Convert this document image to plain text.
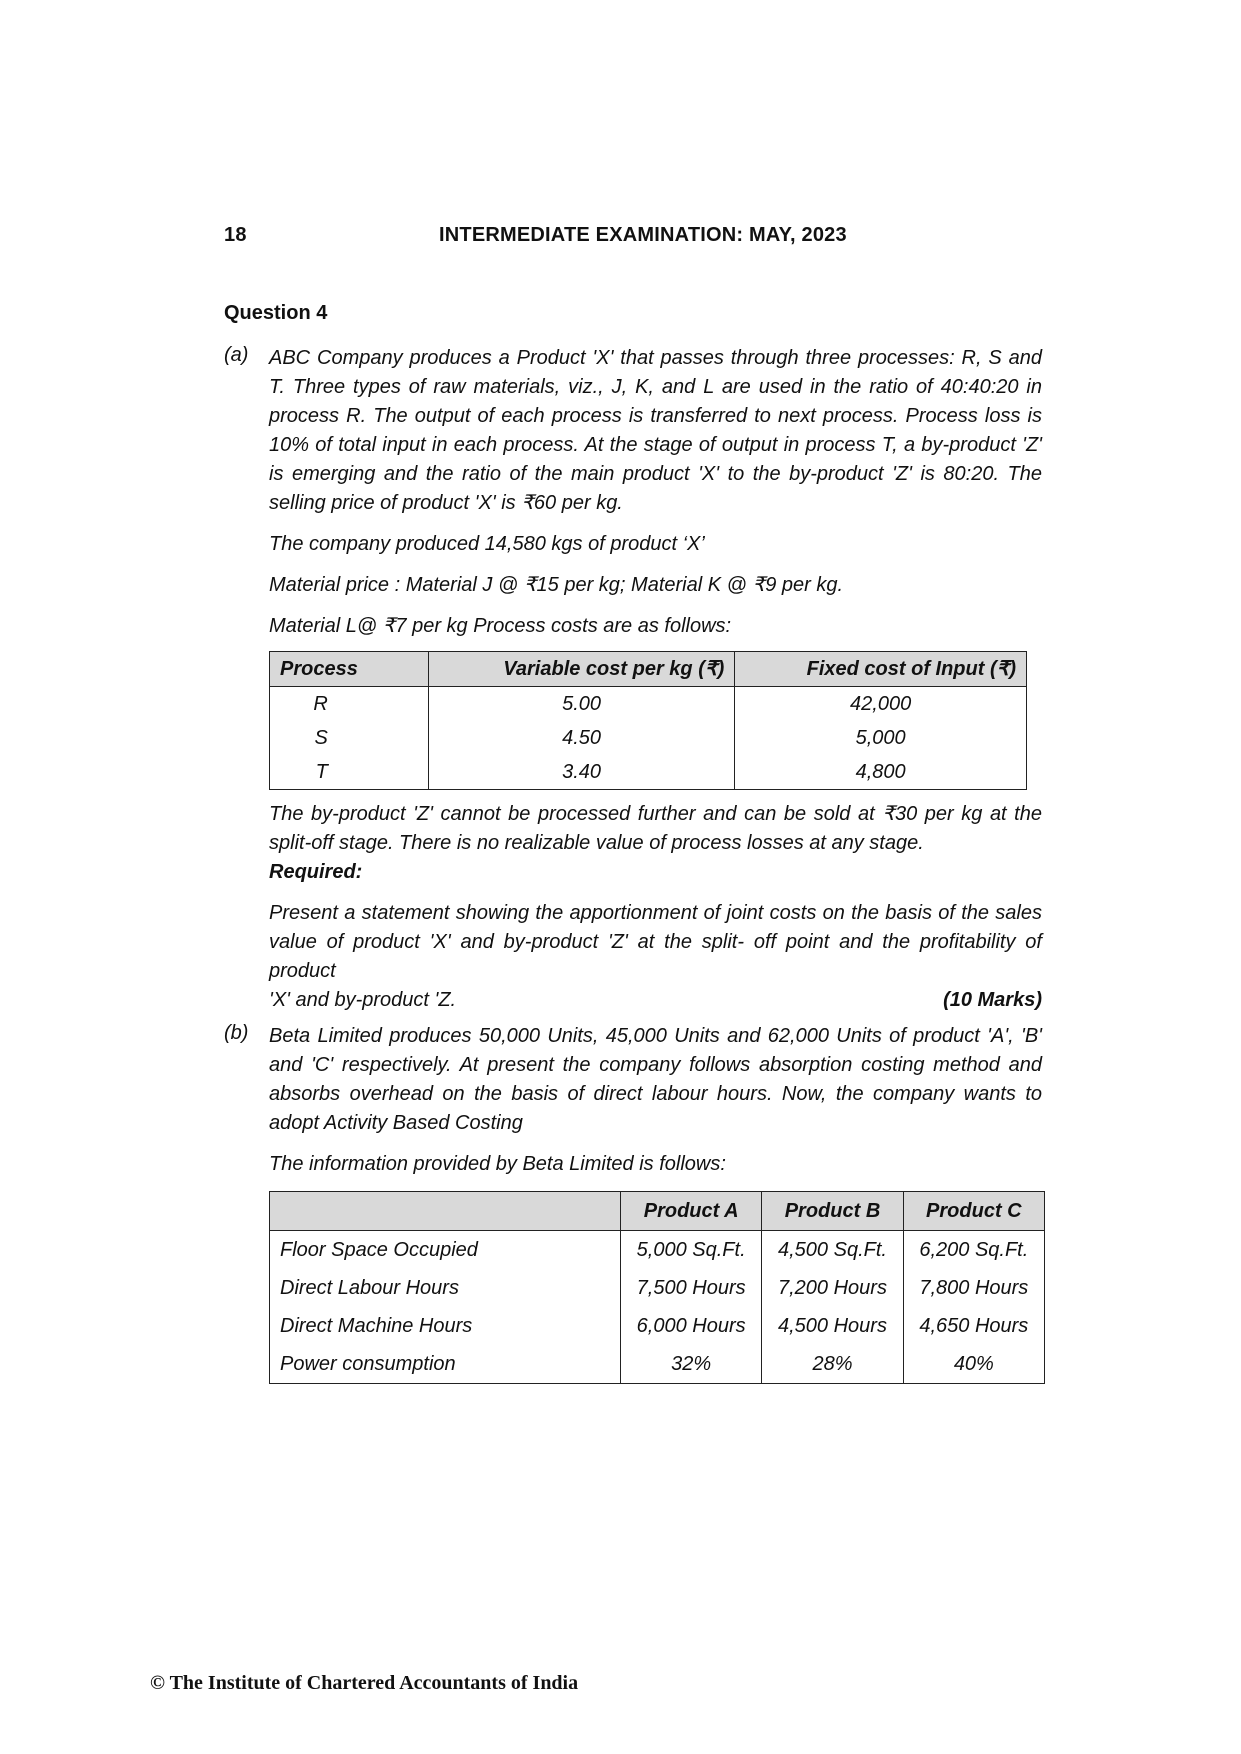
18	INTERMEDIATE EXAMINATION: MAY, 2023
Question 4
(a) ABC Company produces a Product 'X' that passes through three processes: R, S and T. Three types of raw materials, viz., J, K, and L are used in the ratio of 40:40:20 in process R. The output of each process is transferred to next process. Process loss is 10% of total input in each process. At the stage of output in process T, a by-product 'Z' is emerging and the ratio of the main product 'X' to the by-product 'Z' is 80:20. The selling price of product 'X' is ₹60 per kg.

The company produced 14,580 kgs of product ‘X’

Material price : Material J @ ₹15 per kg; Material K @ ₹9 per kg.

Material L@ ₹7 per kg Process costs are as follows:

Process	Variable cost per kg (₹)	Fixed cost of Input (₹)
R	5.00	42,000
S	4.50	5,000
T	3.40	4,800

The by-product 'Z' cannot be processed further and can be sold at ₹30 per kg at the split-off stage. There is no realizable value of process losses at any stage.

Required:

Present a statement showing the apportionment of joint costs on the basis of the sales value of product 'X' and by-product 'Z' at the split- off point and the profitability of product

'X' and by-product 'Z.	(10 Marks)
(b) Beta Limited produces 50,000 Units, 45,000 Units and 62,000 Units of product 'A', 'B' and 'C' respectively. At present the company follows absorption costing method and absorbs overhead on the basis of direct labour hours. Now, the company wants to adopt Activity Based Costing

The information provided by Beta Limited is follows:

	Product A	Product B	Product C
Floor Space Occupied	5,000 Sq.Ft.	4,500 Sq.Ft.	6,200 Sq.Ft.
Direct Labour Hours	7,500 Hours	7,200 Hours	7,800 Hours
Direct Machine Hours	6,000 Hours	4,500 Hours	4,650 Hours
Power consumption	32%	28%	40%
© The Institute of Chartered Accountants of India
